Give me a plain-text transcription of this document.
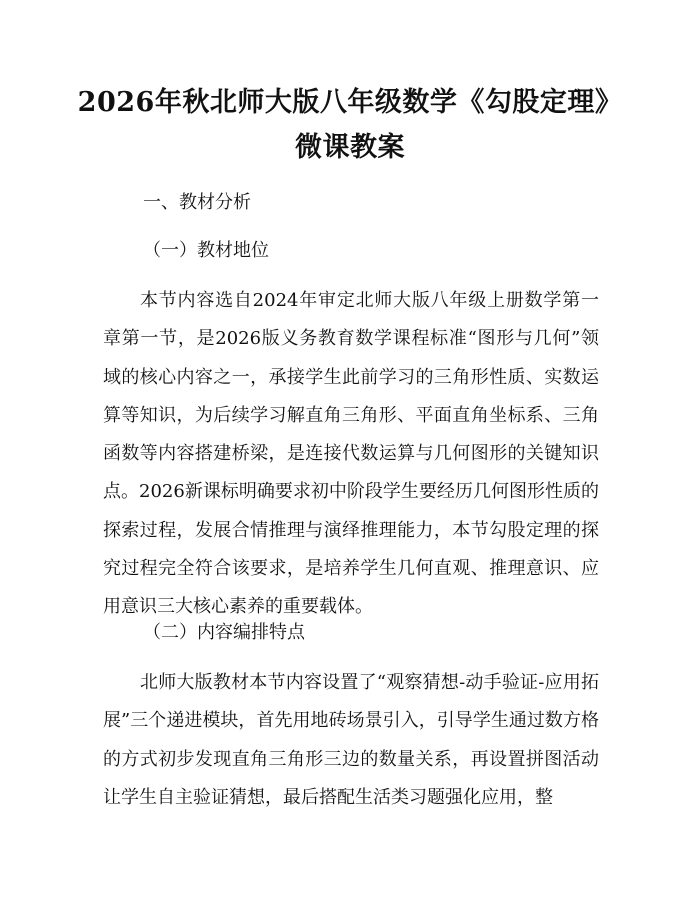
2026年秋北师大版八年级数学《勾股定理》
微课教案
一、教材分析
（一）教材地位
本节内容选自2024年审定北师大版八年级上册数学第一章第一节，是2026版义务教育数学课程标准“图形与几何”领域的核心内容之一，承接学生此前学习的三角形性质、实数运算等知识，为后续学习解直角三角形、平面直角坐标系、三角函数等内容搭建桥梁，是连接代数运算与几何图形的关键知识点。2026新课标明确要求初中阶段学生要经历几何图形性质的探索过程，发展合情推理与演绎推理能力，本节勾股定理的探究过程完全符合该要求，是培养学生几何直观、推理意识、应用意识三大核心素养的重要载体。
（二）内容编排特点
北师大版教材本节内容设置了“观察猜想-动手验证-应用拓展”三个递进模块，首先用地砖场景引入，引导学生通过数方格的方式初步发现直角三角形三边的数量关系，再设置拼图活动让学生自主验证猜想，最后搭配生活类习题强化应用，整
